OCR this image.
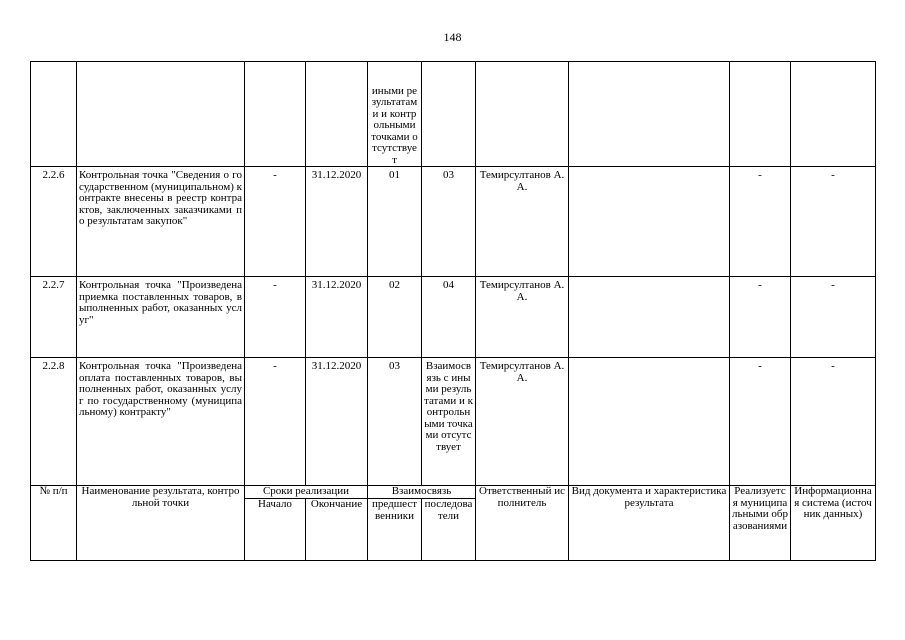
148
				иными результатами и контрольными точками отсутствует					
2.2.6	Контрольная точка "Сведения о государственном (муниципальном) контракте внесены в реестр контрактов, заключенных заказчиками по результатам закупок"	-	31.12.2020	01	03	Темирсултанов А.А.		-	-
2.2.7	Контрольная точка "Произведена приемка поставленных товаров, выполненных работ, оказанных услуг"	-	31.12.2020	02	04	Темирсултанов А.А.		-	-
2.2.8	Контрольная точка "Произведена оплата поставленных товаров, выполненных работ, оказанных услуг по государственному (муниципальному) контракту"	-	31.12.2020	03	Взаимосвязь с иными результатами и контрольными точками отсутствует	Темирсултанов А.А.		-	-
№ п/п	Наименование результата, контрольной точки	Сроки реализации		Взаимосвязь		Ответственный исполнитель	Вид документа и характеристика результата	Реализуется муниципальными образованиями	Информационная система (источник данных)
		Начало	Окончание	предшественники	последователи				
